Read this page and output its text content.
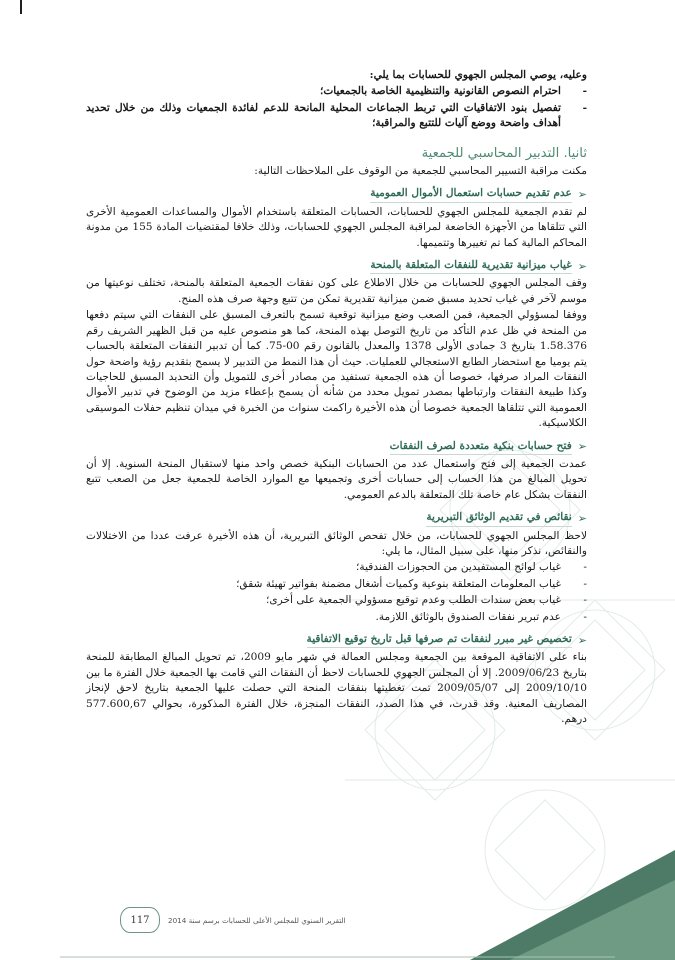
وعليه، يوصي المجلس الجهوي للحسابات بما يلي:

-
احترام النصوص القانونية والتنظيمية الخاصة بالجمعيات؛
-
تفصيل بنود الاتفاقيات التي تربط الجماعات المحلية المانحة للدعم لفائدة الجمعيات وذلك من خلال تحديد أهداف واضحة ووضع آليات للتتبع والمراقبة؛
ثانيا. التدبير المحاسبي للجمعية

مكنت مراقبة التسيير المحاسبي للجمعية من الوقوف على الملاحظات التالية:

➢
عدم تقديم حسابات استعمال الأموال العمومية

لم تقدم الجمعية للمجلس الجهوي للحسابات، الحسابات المتعلقة باستخدام الأموال والمساعدات العمومية الأخرى التي تتلقاها من الأجهزة الخاضعة لمراقبة المجلس الجهوي للحسابات، وذلك خلافا لمقتضيات المادة 155 من مدونة المحاكم المالية كما تم تغييرها وتتميمها.

➢
غياب ميزانية تقديرية للنفقات المتعلقة بالمنحة

وقف المجلس الجهوي للحسابات من خلال الاطلاع على كون نفقات الجمعية المتعلقة بالمنحة، تختلف نوعيتها من موسم لآخر في غياب تحديد مسبق ضمن ميزانية تقديرية تمكن من تتبع وجهة صرف هذه المنح.

ووفقا لمسؤولي الجمعية، فمن الصعب وضع ميزانية توقعية تسمح بالتعرف المسبق على النفقات التي سيتم دفعها من المنحة في ظل عدم التأكد من تاريخ التوصل بهذه المنحة، كما هو منصوص عليه من قبل الظهير الشريف رقم 1.58.376 بتاريخ 3 جمادى الأولى 1378 والمعدل بالقانون رقم 00-75. كما أن تدبير النفقات المتعلقة بالحساب يتم يوميا مع استحضار الطابع الاستعجالي للعمليات. حيث أن هذا النمط من التدبير لا يسمح بتقديم رؤية واضحة حول النفقات المراد صرفها، خصوصا أن هذه الجمعية تستفيد من مصادر أخرى للتمويل وأن التحديد المسبق للحاجيات وكذا طبيعة النفقات وارتباطها بمصدر تمويل محدد من شأنه أن يسمح بإعطاء مزيد من الوضوح في تدبير الأموال العمومية التي تتلقاها الجمعية خصوصا أن هذه الأخيرة راكمت سنوات من الخبرة في ميدان تنظيم حفلات الموسيقى الكلاسيكية.

➢
فتح حسابات بنكية متعددة لصرف النفقات

عمدت الجمعية إلى فتح واستعمال عدد من الحسابات البنكية خصص واحد منها لاستقبال المنحة السنوية. إلا أن تحويل المبالغ من هذا الحساب إلى حسابات أخرى وتجميعها مع الموارد الخاصة للجمعية جعل من الصعب تتبع النفقات بشكل عام خاصة تلك المتعلقة بالدعم العمومي.

➢
نقائص في تقديم الوثائق التبريرية

لاحظ المجلس الجهوي للحسابات، من خلال تفحص الوثائق التبريرية، أن هذه الأخيرة عرفت عددا من الاختلالات والنقائص، نذكر منها، على سبيل المثال، ما يلي:

-
غياب لوائح المستفيدين من الحجوزات الفندقية؛
-
غياب المعلومات المتعلقة بنوعية وكميات أشغال مضمنة بفواتير تهيئة شقق؛
-
غياب بعض سندات الطلب وعدم توقيع مسؤولي الجمعية على أخرى؛
-
عدم تبرير نفقات الصندوق بالوثائق اللازمة.
➢
تخصيص غير مبرر لنفقات تم صرفها قبل تاريخ توقيع الاتفاقية

بناء على الاتفاقية الموقعة بين الجمعية ومجلس العمالة في شهر مايو 2009، تم تحويل المبالغ المطابقة للمنحة بتاريخ 2009/06/23. إلا أن المجلس الجهوي للحسابات لاحظ أن النفقات التي قامت بها الجمعية خلال الفترة ما بين 2009/10/10 إلى 2009/05/07 تمت تغطيتها بنفقات المنحة التي حصلت عليها الجمعية بتاريخ لاحق لإنجاز المصاريف المعنية. وقد قدرت، في هذا الصدد، النفقات المنجزة، خلال الفترة المذكورة، بحوالي 577.600,67 درهم.

117	التقرير السنوي للمجلس الأعلى للحسابات برسم سنة 2014
